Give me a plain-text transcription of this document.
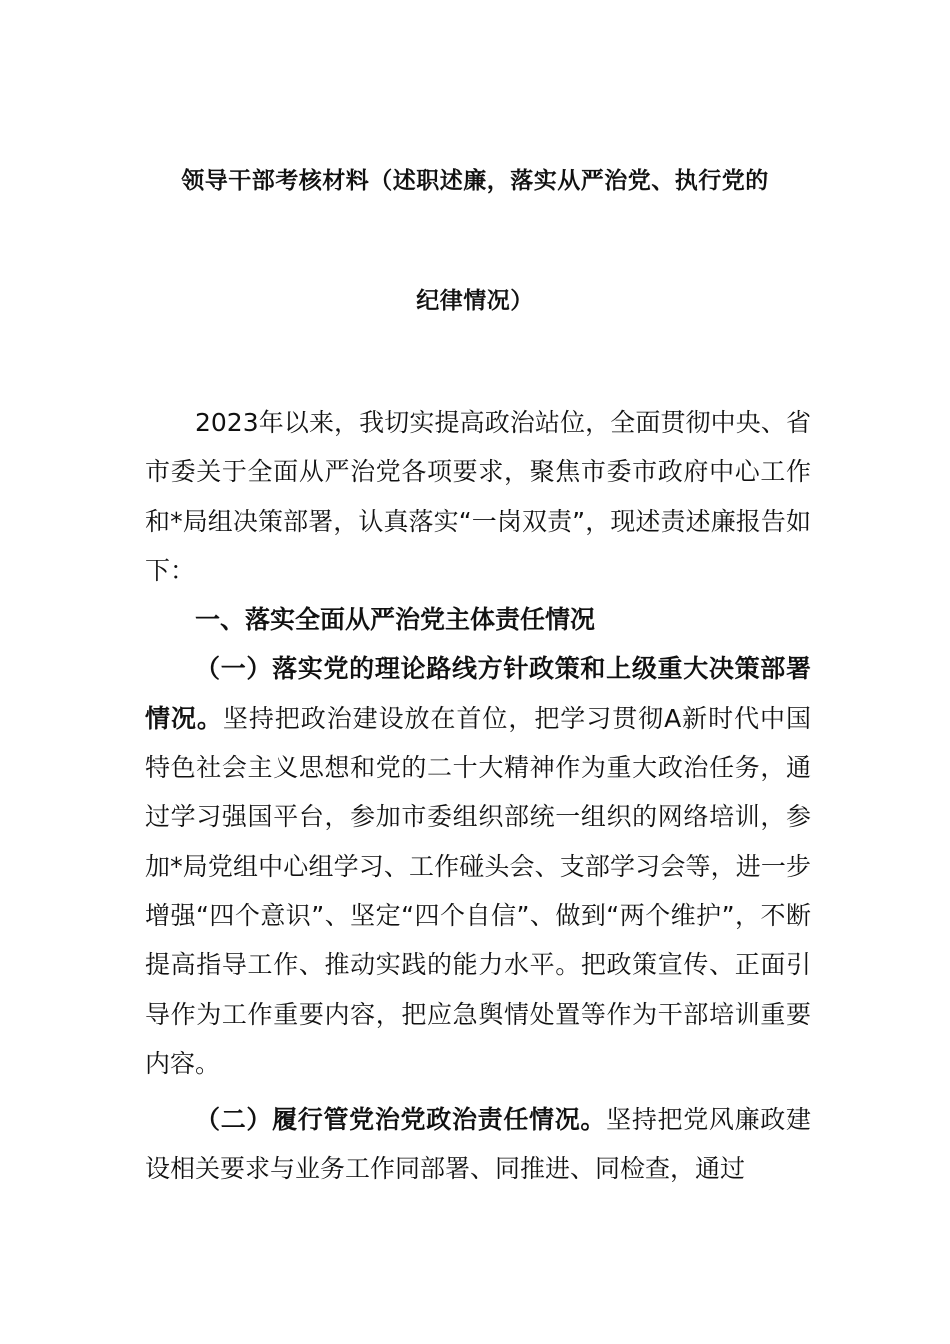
领导干部考核材料（述职述廉，落实从严治党、执行党的
纪律情况）

2023年以来，我切实提高政治站位，全面贯彻中央、省市委关于全面从严治党各项要求，聚焦市委市政府中心工作和*局组决策部署，认真落实“一岗双责”，现述责述廉报告如下：

一、落实全面从严治党主体责任情况

（一）落实党的理论路线方针政策和上级重大决策部署情况。坚持把政治建设放在首位，把学习贯彻A新时代中国特色社会主义思想和党的二十大精神作为重大政治任务，通过学习强国平台，参加市委组织部统一组织的网络培训，参加*局党组中心组学习、工作碰头会、支部学习会等，进一步增强“四个意识”、坚定“四个自信”、做到“两个维护”，不断提高指导工作、推动实践的能力水平。把政策宣传、正面引导作为工作重要内容，把应急舆情处置等作为干部培训重要内容。

（二）履行管党治党政治责任情况。坚持把党风廉政建设相关要求与业务工作同部署、同推进、同检查，通过
